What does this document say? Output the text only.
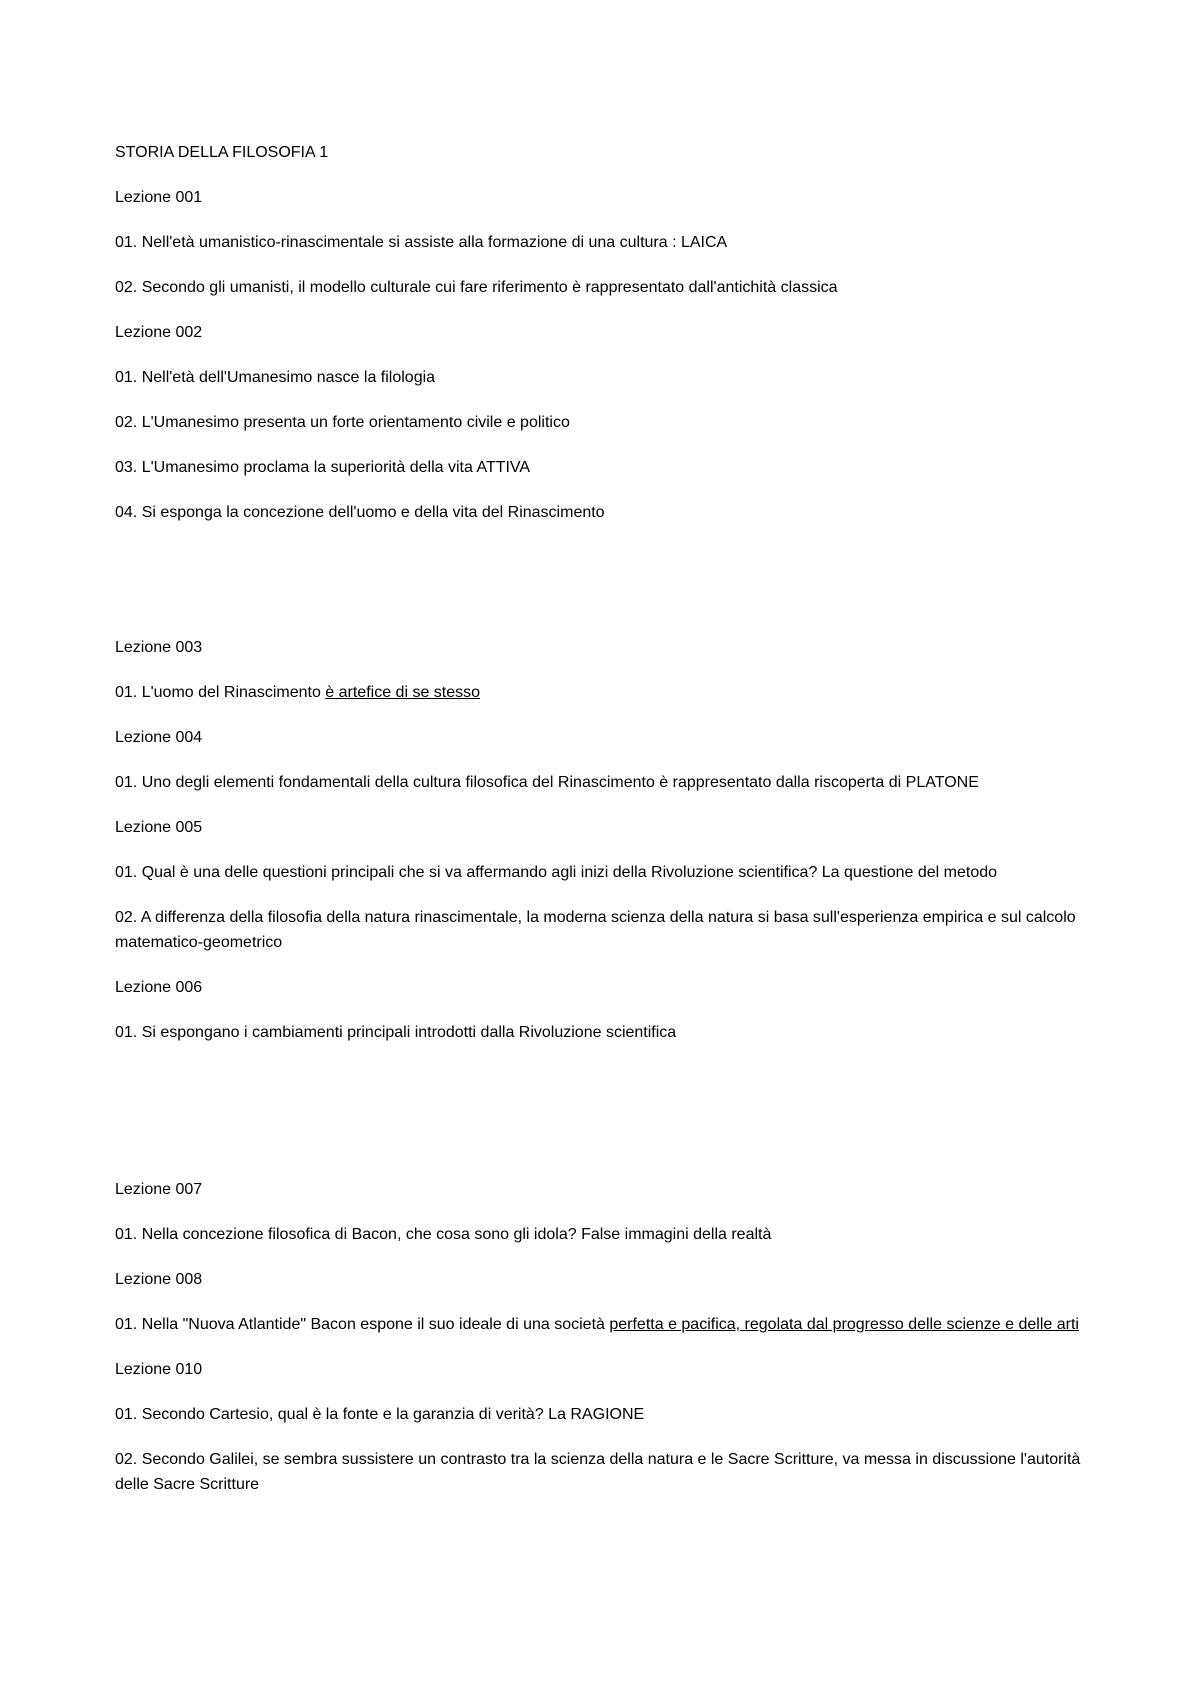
STORIA DELLA FILOSOFIA 1

Lezione 001

01. Nell'età umanistico-rinascimentale si assiste alla formazione di una cultura : LAICA

02. Secondo gli umanisti, il modello culturale cui fare riferimento è rappresentato dall'antichità classica

Lezione 002

01. Nell'età dell'Umanesimo nasce la filologia

02. L'Umanesimo presenta un forte orientamento civile e politico

03. L'Umanesimo proclama la superiorità della vita ATTIVA

04. Si esponga la concezione dell'uomo e della vita del Rinascimento

Lezione 003

01. L'uomo del Rinascimento è artefice di se stesso

Lezione 004

01. Uno degli elementi fondamentali della cultura filosofica del Rinascimento è rappresentato dalla riscoperta di PLATONE

Lezione 005

01. Qual è una delle questioni principali che si va affermando agli inizi della Rivoluzione scientifica? La questione del metodo

02. A differenza della filosofia della natura rinascimentale, la moderna scienza della natura si basa sull'esperienza empirica e sul calcolo matematico-geometrico

Lezione 006

01. Si espongano i cambiamenti principali introdotti dalla Rivoluzione scientifica

Lezione 007

01. Nella concezione filosofica di Bacon, che cosa sono gli idola? False immagini della realtà

Lezione 008

01. Nella "Nuova Atlantide" Bacon espone il suo ideale di una società perfetta e pacifica, regolata dal progresso delle scienze e delle arti

Lezione 010

01. Secondo Cartesio, qual è la fonte e la garanzia di verità? La RAGIONE

02. Secondo Galilei, se sembra sussistere un contrasto tra la scienza della natura e le Sacre Scritture, va messa in discussione l'autorità delle Sacre Scritture
